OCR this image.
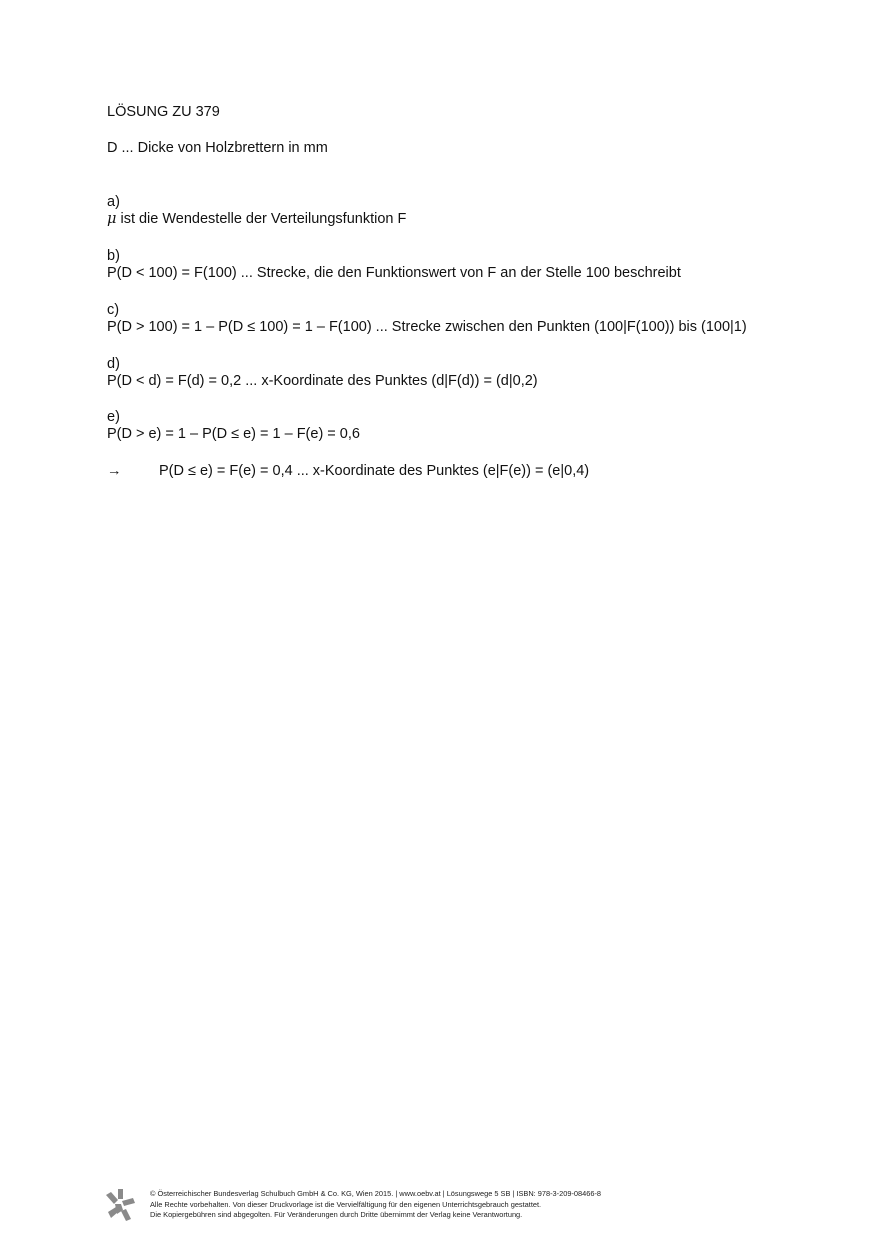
LÖSUNG ZU 379
D ... Dicke von Holzbrettern in mm
a)
μ ist die Wendestelle der Verteilungsfunktion F
b)
P(D < 100) = F(100) ... Strecke, die den Funktionswert von F an der Stelle 100 beschreibt
c)
P(D > 100) = 1 – P(D ≤ 100) = 1 – F(100) ... Strecke zwischen den Punkten (100|F(100)) bis (100|1)
d)
P(D < d) = F(d) = 0,2 ... x-Koordinate des Punktes (d|F(d)) = (d|0,2)
e)
P(D > e) = 1 – P(D ≤ e) = 1 – F(e) = 0,6
→	P(D ≤ e) = F(e) = 0,4 ... x-Koordinate des Punktes (e|F(e)) = (e|0,4)
© Österreichischer Bundesverlag Schulbuch GmbH & Co. KG, Wien 2015. | www.oebv.at | Lösungswege 5 SB | ISBN: 978-3-209-08466-8
Alle Rechte vorbehalten. Von dieser Druckvorlage ist die Vervielfältigung für den eigenen Unterrichtsgebrauch gestattet.
Die Kopiergebühren sind abgegolten. Für Veränderungen durch Dritte übernimmt der Verlag keine Verantwortung.
